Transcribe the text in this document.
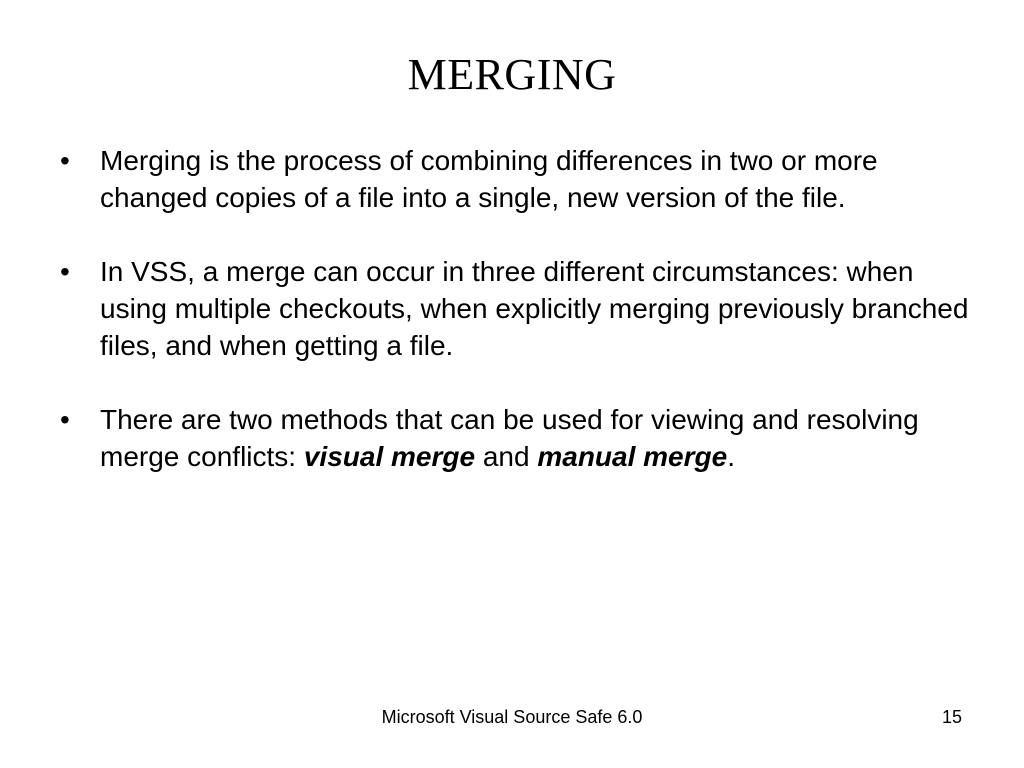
MERGING
•	Merging is the process of combining differences in two or more changed copies of a file into a single, new version of the file.
•	In VSS, a merge can occur in three different circumstances: when using multiple checkouts, when explicitly merging previously branched files, and when getting a file.
•	There are two methods that can be used for viewing and resolving merge conflicts: visual merge and manual merge.
Microsoft Visual Source Safe 6.0	15
